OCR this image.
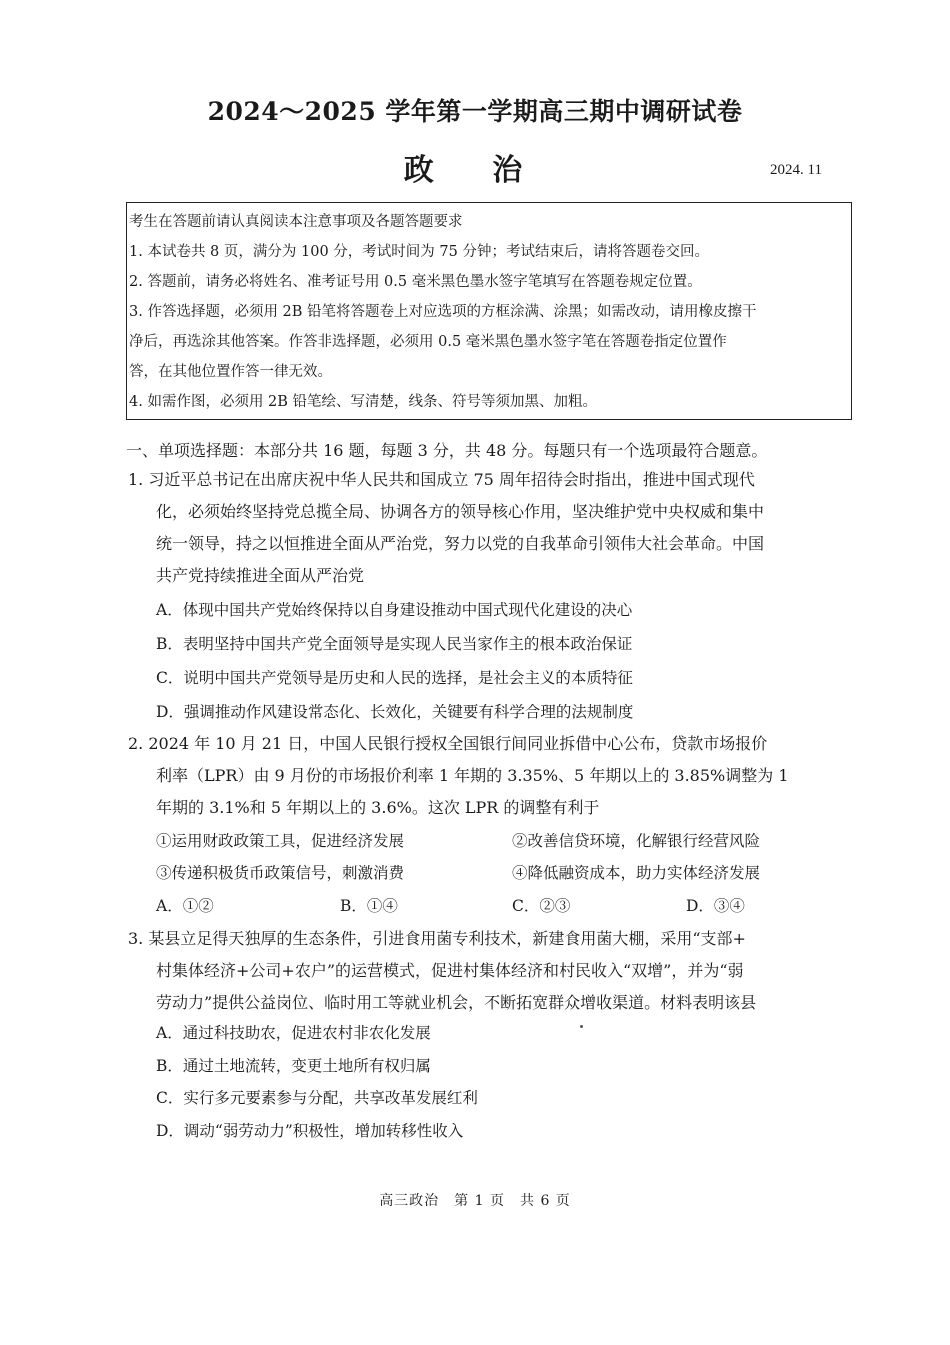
2024～2025 学年第一学期高三期中调研试卷
政 治	2024. 11
考生在答题前请认真阅读本注意事项及各题答题要求
1. 本试卷共 8 页，满分为 100 分，考试时间为 75 分钟；考试结束后，请将答题卷交回。
2. 答题前，请务必将姓名、准考证号用 0.5 毫米黑色墨水签字笔填写在答题卷规定位置。
3. 作答选择题，必须用 2B 铅笔将答题卷上对应选项的方框涂满、涂黑；如需改动，请用橡皮擦干
净后，再选涂其他答案。作答非选择题，必须用 0.5 毫米黑色墨水签字笔在答题卷指定位置作
答，在其他位置作答一律无效。
4. 如需作图，必须用 2B 铅笔绘、写清楚，线条、符号等须加黑、加粗。
一、单项选择题：本部分共 16 题，每题 3 分，共 48 分。每题只有一个选项最符合题意。
1. 习近平总书记在出席庆祝中华人民共和国成立 75 周年招待会时指出，推进中国式现代
化，必须始终坚持党总揽全局、协调各方的领导核心作用，坚决维护党中央权威和集中
统一领导，持之以恒推进全面从严治党，努力以党的自我革命引领伟大社会革命。中国
共产党持续推进全面从严治党
A．体现中国共产党始终保持以自身建设推动中国式现代化建设的决心
B．表明坚持中国共产党全面领导是实现人民当家作主的根本政治保证
C．说明中国共产党领导是历史和人民的选择，是社会主义的本质特征
D．强调推动作风建设常态化、长效化，关键要有科学合理的法规制度
2. 2024 年 10 月 21 日，中国人民银行授权全国银行间同业拆借中心公布，贷款市场报价
利率（LPR）由 9 月份的市场报价利率 1 年期的 3.35%、5 年期以上的 3.85%调整为 1
年期的 3.1%和 5 年期以上的 3.6%。这次 LPR 的调整有利于
①运用财政政策工具，促进经济发展	②改善信贷环境，化解银行经营风险
③传递积极货币政策信号，刺激消费	④降低融资成本，助力实体经济发展
A．①②	B．①④	C．②③	D．③④
3. 某县立足得天独厚的生态条件，引进食用菌专利技术，新建食用菌大棚，采用“支部+
村集体经济+公司+农户”的运营模式，促进村集体经济和村民收入“双增”，并为“弱
劳动力”提供公益岗位、临时用工等就业机会，不断拓宽群众增收渠道。材料表明该县
A．通过科技助农，促进农村非农化发展
B．通过土地流转，变更土地所有权归属
C．实行多元要素参与分配，共享改革发展红利
D．调动“弱劳动力”积极性，增加转移性收入
高三政治　第 1 页　共 6 页
